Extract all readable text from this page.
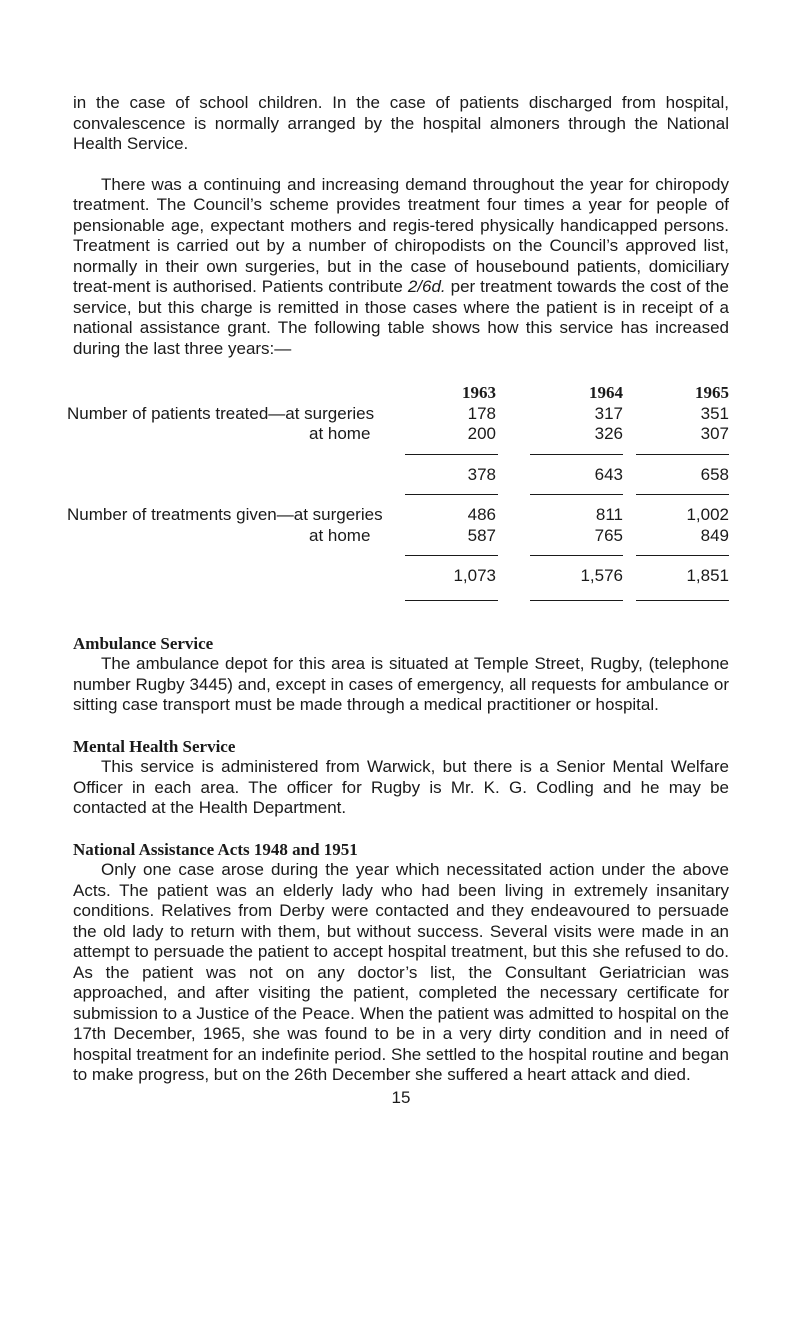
in the case of school children. In the case of patients discharged from hospital, convalescence is normally arranged by the hospital almoners through the National Health Service.

There was a continuing and increasing demand throughout the year for chiropody treatment. The Council’s scheme provides treatment four times a year for people of pensionable age, expectant mothers and regis-tered physically handicapped persons. Treatment is carried out by a number of chiropodists on the Council’s approved list, normally in their own surgeries, but in the case of housebound patients, domiciliary treat-ment is authorised. Patients contribute 2/6d. per treatment towards the cost of the service, but this charge is remitted in those cases where the patient is in receipt of a national assistance grant. The following table shows how this service has increased during the last three years:—

	1963	1964	1965
Number of patients treated—at surgeries	178	317	351
at home	200	326	307

	378	643	658

Number of treatments given—at surgeries	486	811	1,002
at home	587	765	849

	1,073	1,576	1,851

Ambulance Service

The ambulance depot for this area is situated at Temple Street, Rugby, (telephone number Rugby 3445) and, except in cases of emergency, all requests for ambulance or sitting case transport must be made through a medical practitioner or hospital.

Mental Health Service

This service is administered from Warwick, but there is a Senior Mental Welfare Officer in each area. The officer for Rugby is Mr. K. G. Codling and he may be contacted at the Health Department.

National Assistance Acts 1948 and 1951

Only one case arose during the year which necessitated action under the above Acts. The patient was an elderly lady who had been living in extremely insanitary conditions. Relatives from Derby were contacted and they endeavoured to persuade the old lady to return with them, but without success. Several visits were made in an attempt to persuade the patient to accept hospital treatment, but this she refused to do. As the patient was not on any doctor’s list, the Consultant Geriatrician was approached, and after visiting the patient, completed the necessary certificate for submission to a Justice of the Peace. When the patient was admitted to hospital on the 17th December, 1965, she was found to be in a very dirty condition and in need of hospital treatment for an indefinite period. She settled to the hospital routine and began to make progress, but on the 26th December she suffered a heart attack and died.

15
